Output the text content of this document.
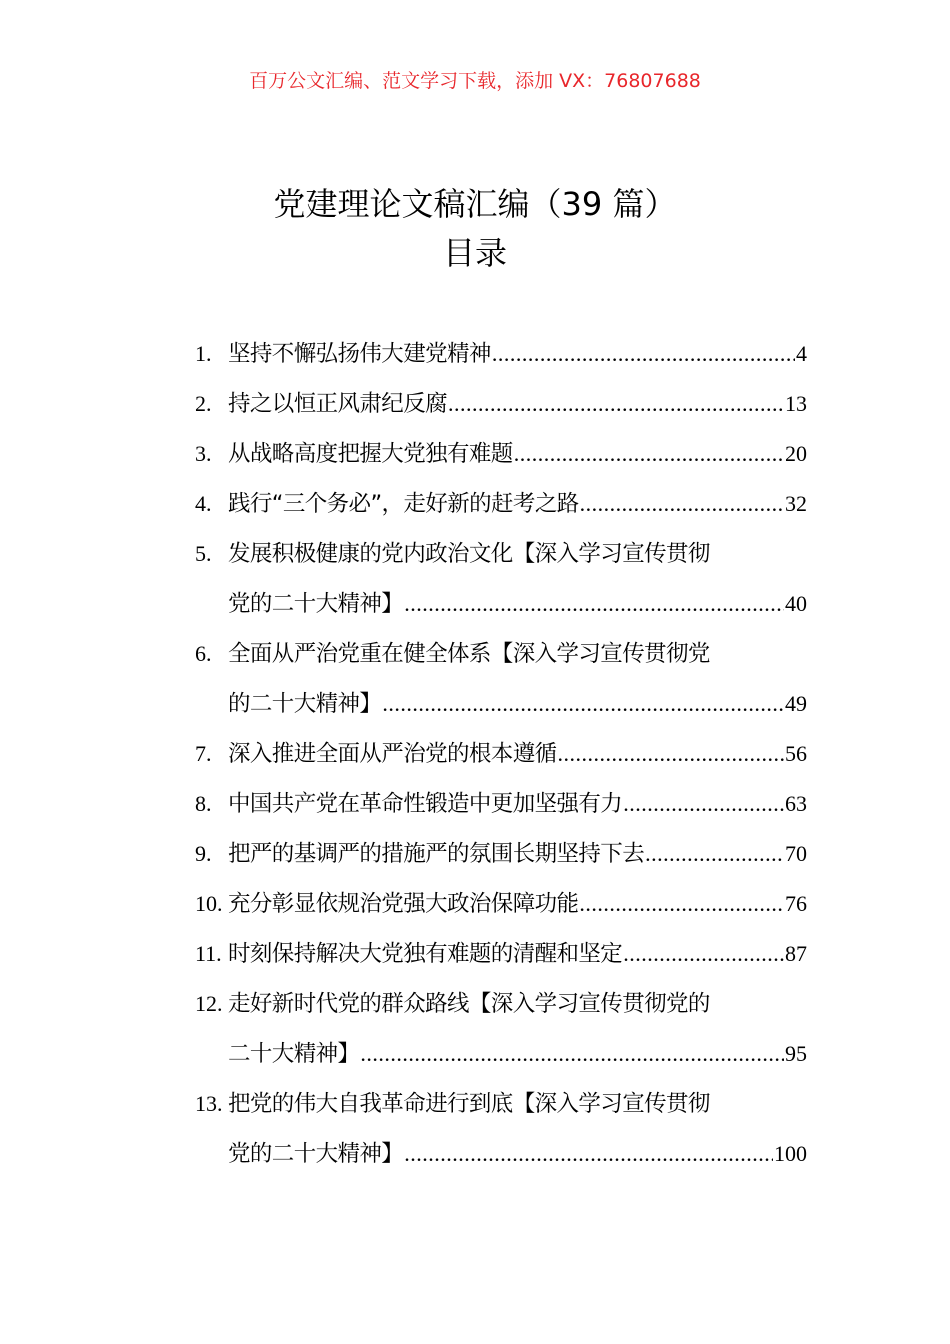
百万公文汇编、范文学习下载，添加 VX：76807688
党建理论文稿汇编（39 篇）
目录
1. 坚持不懈弘扬伟大建党精神 .....	4
2. 持之以恒正风肃纪反腐 .....	13
3. 从战略高度把握大党独有难题 .....	20
4. 践行“三个务必”，走好新的赶考之路 .....	32
5. 发展积极健康的党内政治文化【深入学习宣传贯彻
党的二十大精神】 .....	40
6. 全面从严治党重在健全体系【深入学习宣传贯彻党
的二十大精神】 .....	49
7. 深入推进全面从严治党的根本遵循 .....	56
8. 中国共产党在革命性锻造中更加坚强有力 .....	63
9. 把严的基调严的措施严的氛围长期坚持下去 .....	70
10. 充分彰显依规治党强大政治保障功能 .....	76
11. 时刻保持解决大党独有难题的清醒和坚定 .....	87
12. 走好新时代党的群众路线【深入学习宣传贯彻党的
二十大精神】 .....	95
13. 把党的伟大自我革命进行到底【深入学习宣传贯彻
党的二十大精神】 .....	100
